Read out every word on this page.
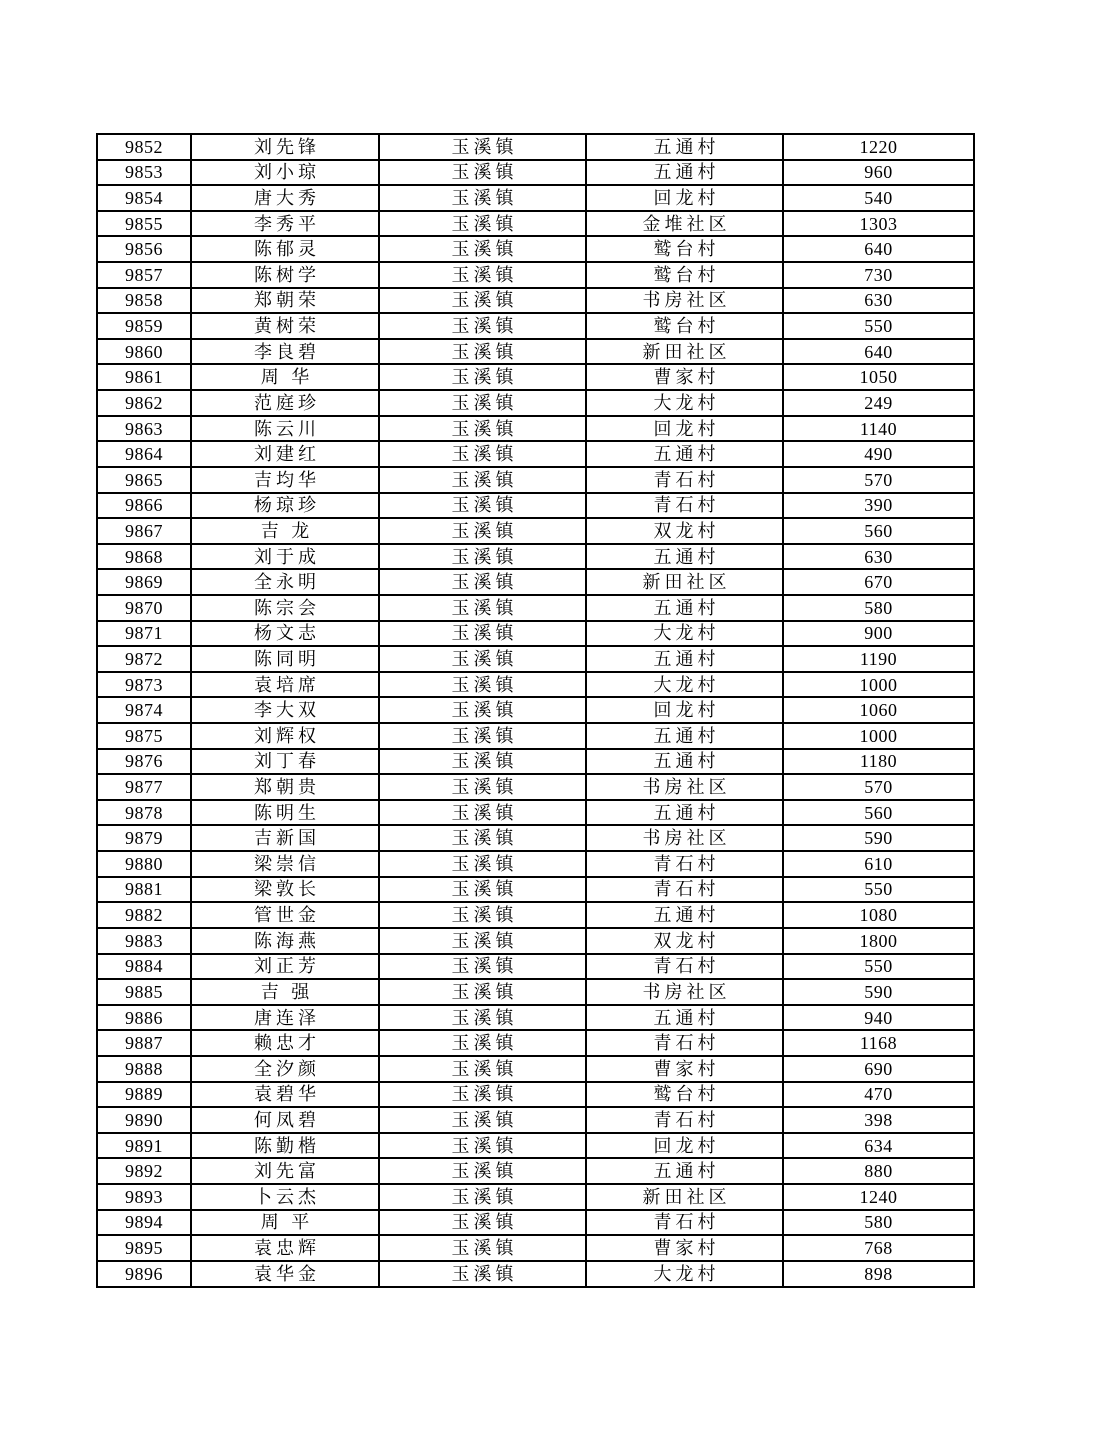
9852	刘先锋	玉溪镇	五通村	1220
9853	刘小琼	玉溪镇	五通村	960
9854	唐大秀	玉溪镇	回龙村	540
9855	李秀平	玉溪镇	金堆社区	1303
9856	陈郁灵	玉溪镇	鹫台村	640
9857	陈树学	玉溪镇	鹫台村	730
9858	郑朝荣	玉溪镇	书房社区	630
9859	黄树荣	玉溪镇	鹫台村	550
9860	李良碧	玉溪镇	新田社区	640
9861	周 华	玉溪镇	曹家村	1050
9862	范庭珍	玉溪镇	大龙村	249
9863	陈云川	玉溪镇	回龙村	1140
9864	刘建红	玉溪镇	五通村	490
9865	吉均华	玉溪镇	青石村	570
9866	杨琼珍	玉溪镇	青石村	390
9867	吉 龙	玉溪镇	双龙村	560
9868	刘于成	玉溪镇	五通村	630
9869	全永明	玉溪镇	新田社区	670
9870	陈宗会	玉溪镇	五通村	580
9871	杨文志	玉溪镇	大龙村	900
9872	陈同明	玉溪镇	五通村	1190
9873	袁培席	玉溪镇	大龙村	1000
9874	李大双	玉溪镇	回龙村	1060
9875	刘辉权	玉溪镇	五通村	1000
9876	刘丁春	玉溪镇	五通村	1180
9877	郑朝贵	玉溪镇	书房社区	570
9878	陈明生	玉溪镇	五通村	560
9879	吉新国	玉溪镇	书房社区	590
9880	梁崇信	玉溪镇	青石村	610
9881	梁敦长	玉溪镇	青石村	550
9882	管世金	玉溪镇	五通村	1080
9883	陈海燕	玉溪镇	双龙村	1800
9884	刘正芳	玉溪镇	青石村	550
9885	吉 强	玉溪镇	书房社区	590
9886	唐连泽	玉溪镇	五通村	940
9887	赖忠才	玉溪镇	青石村	1168
9888	全汐颜	玉溪镇	曹家村	690
9889	袁碧华	玉溪镇	鹫台村	470
9890	何凤碧	玉溪镇	青石村	398
9891	陈勤楷	玉溪镇	回龙村	634
9892	刘先富	玉溪镇	五通村	880
9893	卜云杰	玉溪镇	新田社区	1240
9894	周 平	玉溪镇	青石村	580
9895	袁忠辉	玉溪镇	曹家村	768
9896	袁华金	玉溪镇	大龙村	898
